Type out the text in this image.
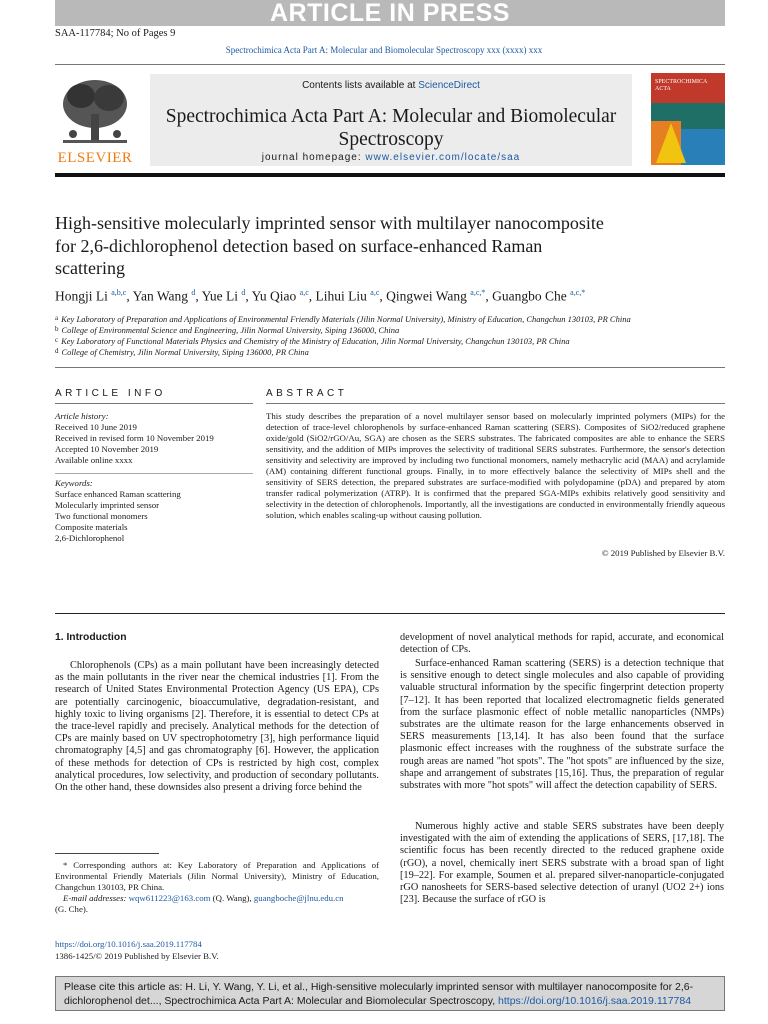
ARTICLE IN PRESS
SAA-117784; No of Pages 9
Spectrochimica Acta Part A: Molecular and Biomolecular Spectroscopy xxx (xxxx) xxx
ELSEVIER
Contents lists available at ScienceDirect
Spectrochimica Acta Part A: Molecular and Biomolecular Spectroscopy
journal homepage: www.elsevier.com/locate/saa
SPECTROCHIMICA ACTA
High-sensitive molecularly imprinted sensor with multilayer nanocomposite for 2,6-dichlorophenol detection based on surface-enhanced Raman scattering
Hongji Li $^{a,b,c}$, Yan Wang $^d$, Yue Li $^d$, Yu Qiao $^{a,c}$, Lihui Liu $^{a,c}$, Qingwei Wang $^{a,c,*}$, Guangbo Che $^{a,c,*}$
$^a$ Key Laboratory of Preparation and Applications of Environmental Friendly Materials (Jilin Normal University), Ministry of Education, Changchun 130103, PR China
$^b$ College of Environmental Science and Engineering, Jilin Normal University, Siping 136000, China
$^c$ Key Laboratory of Functional Materials Physics and Chemistry of the Ministry of Education, Jilin Normal University, Changchun 130103, PR China
$^d$ College of Chemistry, Jilin Normal University, Siping 136000, PR China
ARTICLE INFO
Article history:
Received 10 June 2019
Received in revised form 10 November 2019
Accepted 10 November 2019
Available online xxxx
Keywords:
Surface enhanced Raman scattering
Molecularly imprinted sensor
Two functional monomers
Composite materials
2,6-Dichlorophenol
ABSTRACT
This study describes the preparation of a novel multilayer sensor based on molecularly imprinted polymers (MIPs) for the detection of trace-level chlorophenols by surface-enhanced Raman scattering (SERS). Composites of SiO2/reduced graphene oxide/gold (SiO2/rGO/Au, SGA) are chosen as the SERS substrates. The fabricated composites are able to enhance the SERS sensitivity, and the addition of MIPs improves the selectivity of traditional SERS substrates. Furthermore, the sensor's detection sensitivity and selectivity are improved by including two functional monomers, namely methacrylic acid (MAA) and acrylamide (AM) containing different functional groups. Finally, in to more effectively balance the selectivity of MIPs shell and the sensitivity of SERS detection, the prepared substrates are surface-modified with polydopamine (pDA) and prepared by atom transfer radical polymerization (ATRP). It is confirmed that the prepared SGA-MIPs exhibits relatively good sensitivity and selectivity in the detection of chlorophenols. Importantly, all the investigations are conducted in environmentally friendly aqueous solution, which enables scaling-up without causing pollution.
© 2019 Published by Elsevier B.V.
1. Introduction
Chlorophenols (CPs) as a main pollutant have been increasingly detected as the main pollutants in the river near the chemical industries [1]. From the research of United States Environmental Protection Agency (US EPA), CPs are potentially carcinogenic, bioaccumulative, degradation-resistant, and highly toxic to living organisms [2]. Therefore, it is essential to detect CPs at the trace-level rapidly and precisely. Analytical methods for the detection of CPs are mainly based on UV spectrophotometry [3], high performance liquid chromatography [4,5] and gas chromatography [6]. However, the application of these methods for detection of CPs is restricted by high cost, complex analytical procedures, low selectivity, and production of secondary pollutants. On the other hand, these downsides also present a driving force behind the
* Corresponding authors at: Key Laboratory of Preparation and Applications of Environmental Friendly Materials (Jilin Normal University), Ministry of Education, Changchun 130103, PR China.
E-mail addresses: wqw611223@163.com (Q. Wang), guangboche@jlnu.edu.cn
(G. Che).
development of novel analytical methods for rapid, accurate, and economical detection of CPs.
Surface-enhanced Raman scattering (SERS) is a detection technique that is sensitive enough to detect single molecules and also capable of providing valuable structural information by the specific fingerprint detection property [7–12]. It has been reported that localized electromagnetic fields generated from the surface plasmonic effect of noble metallic nanoparticles (NMPs) substrates are the ultimate reason for the large enhancements observed in SERS measurements [13,14]. It has also been found that the surface plasmonic effect increases with the roughness of the substrate surface the rough areas are named "hot spots". The "hot spots" are influenced by the size, shape and arrangement of substrates [15,16]. Thus, the preparation of regular substrates with more "hot spots" will affect the detection capability of SERS.
Numerous highly active and stable SERS substrates have been deeply investigated with the aim of extending the applications of SERS, [17,18]. The scientific focus has been recently directed to the reduced graphene oxide (rGO), a novel, chemically inert SERS substrate with a broad span of light [19–22]. For example, Soumen et al. prepared silver-nanoparticle-conjugated rGO nanosheets for SERS-based selective detection of uranyl (UO2 2+) ions [23]. Because the surface of rGO is
https://doi.org/10.1016/j.saa.2019.117784
1386-1425/© 2019 Published by Elsevier B.V.
Please cite this article as: H. Li, Y. Wang, Y. Li, et al., High-sensitive molecularly imprinted sensor with multilayer nanocomposite for 2,6-dichlorophenol det..., Spectrochimica Acta Part A: Molecular and Biomolecular Spectroscopy, https://doi.org/10.1016/j.saa.2019.117784
